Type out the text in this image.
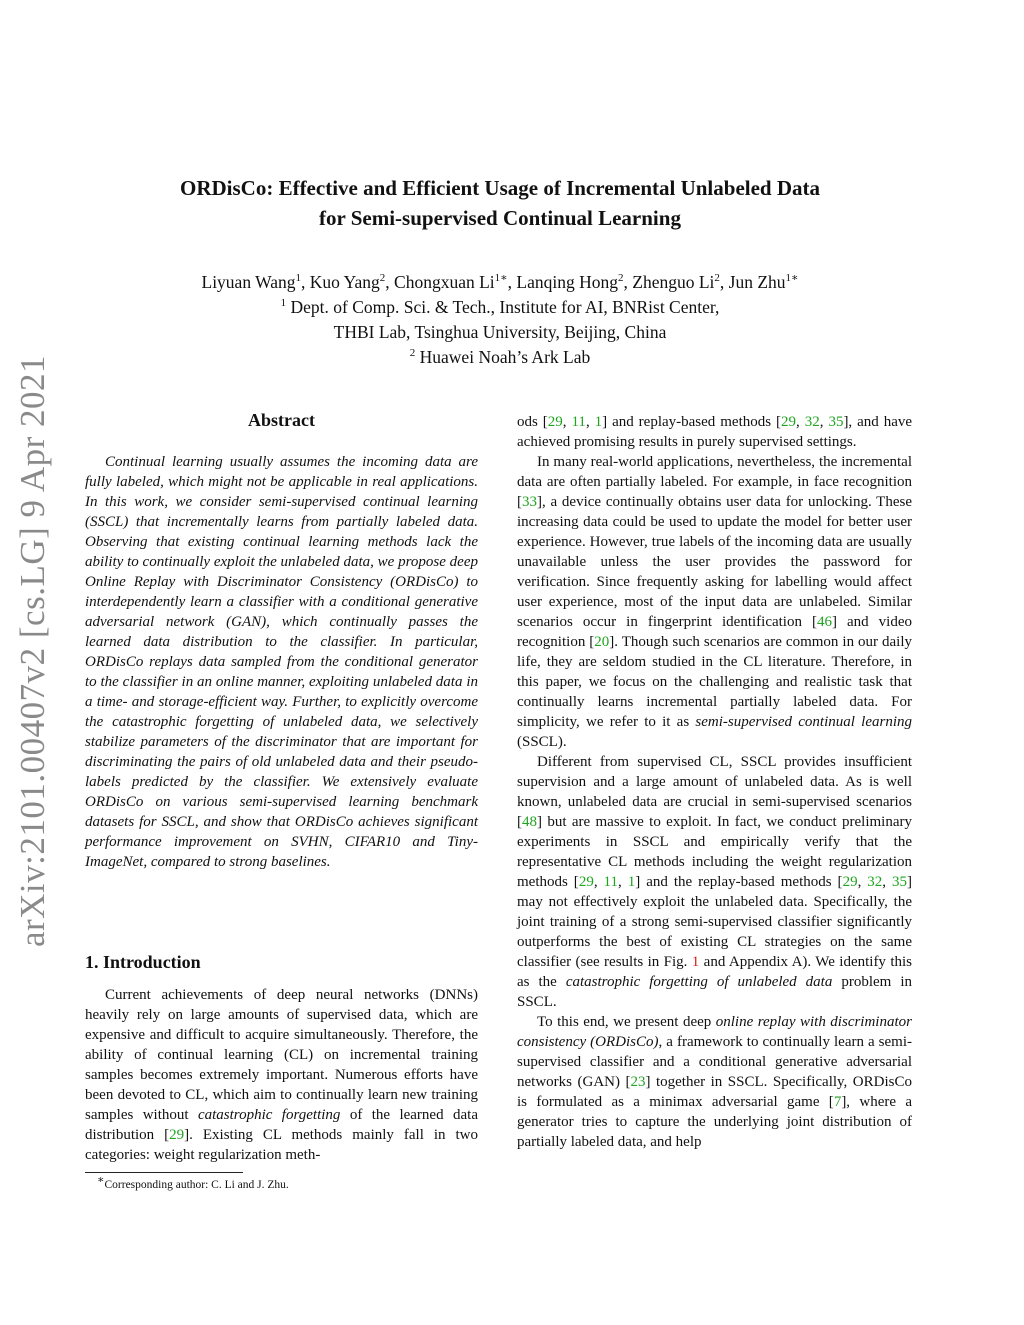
arXiv:2101.00407v2 [cs.LG] 9 Apr 2021
ORDisCo: Effective and Efficient Usage of Incremental Unlabeled Data
for Semi-supervised Continual Learning
Liyuan Wang$^1$, Kuo Yang$^2$, Chongxuan $Li^{1∗}$, Lanqing Hong$^2$, Zhenguo Li$^2$, Jun Zhu$^{1∗}$
$^1$ Dept. of Comp. Sci. & Tech., Institute for AI, BNRist Center,
THBI Lab, Tsinghua University, Beijing, China
$^2$ Huawei Noah’s Ark Lab
Abstract

Continual learning usually assumes the incoming data are fully labeled, which might not be applicable in real applications. In this work, we consider semi-supervised continual learning (SSCL) that incrementally learns from partially labeled data. Observing that existing continual learning methods lack the ability to continually exploit the unlabeled data, we propose deep Online Replay with Discriminator Consistency (ORDisCo) to interdependently learn a classifier with a conditional generative adversarial network (GAN), which continually passes the learned data distribution to the classifier. In particular, ORDisCo replays data sampled from the conditional generator to the classifier in an online manner, exploiting unlabeled data in a time- and storage-efficient way. Further, to explicitly overcome the catastrophic forgetting of unlabeled data, we selectively stabilize parameters of the discriminator that are important for discriminating the pairs of old unlabeled data and their pseudo-labels predicted by the classifier. We extensively evaluate ORDisCo on various semi-supervised learning benchmark datasets for SSCL, and show that ORDisCo achieves significant performance improvement on SVHN, CIFAR10 and Tiny-ImageNet, compared to strong baselines.

1. Introduction

Current achievements of deep neural networks (DNNs) heavily rely on large amounts of supervised data, which are expensive and difficult to acquire simultaneously. Therefore, the ability of continual learning (CL) on incremental training samples becomes extremely important. Numerous efforts have been devoted to CL, which aim to continually learn new training samples without catastrophic forgetting of the learned data distribution [29]. Existing CL methods mainly fall in two categories: weight regularization meth-

ods [29, 11, 1] and replay-based methods [29, 32, 35], and have achieved promising results in purely supervised settings.

In many real-world applications, nevertheless, the incremental data are often partially labeled. For example, in face recognition [33], a device continually obtains user data for unlocking. These increasing data could be used to update the model for better user experience. However, true labels of the incoming data are usually unavailable unless the user provides the password for verification. Since frequently asking for labelling would affect user experience, most of the input data are unlabeled. Similar scenarios occur in fingerprint identification [46] and video recognition [20]. Though such scenarios are common in our daily life, they are seldom studied in the CL literature. Therefore, in this paper, we focus on the challenging and realistic task that continually learns incremental partially labeled data. For simplicity, we refer to it as semi-supervised continual learning (SSCL).

Different from supervised CL, SSCL provides insufficient supervision and a large amount of unlabeled data. As is well known, unlabeled data are crucial in semi-supervised scenarios [48] but are massive to exploit. In fact, we conduct preliminary experiments in SSCL and empirically verify that the representative CL methods including the weight regularization methods [29, 11, 1] and the replay-based methods [29, 32, 35] may not effectively exploit the unlabeled data. Specifically, the joint training of a strong semi-supervised classifier significantly outperforms the best of existing CL strategies on the same classifier (see results in Fig. 1 and Appendix A). We identify this as the catastrophic forgetting of unlabeled data problem in SSCL.

To this end, we present deep online replay with discriminator consistency (ORDisCo), a framework to continually learn a semi-supervised classifier and a conditional generative adversarial networks (GAN) [23] together in SSCL. Specifically, ORDisCo is formulated as a minimax adversarial game [7], where a generator tries to capture the underlying joint distribution of partially labeled data, and help

∗Corresponding author: C. Li and J. Zhu.
